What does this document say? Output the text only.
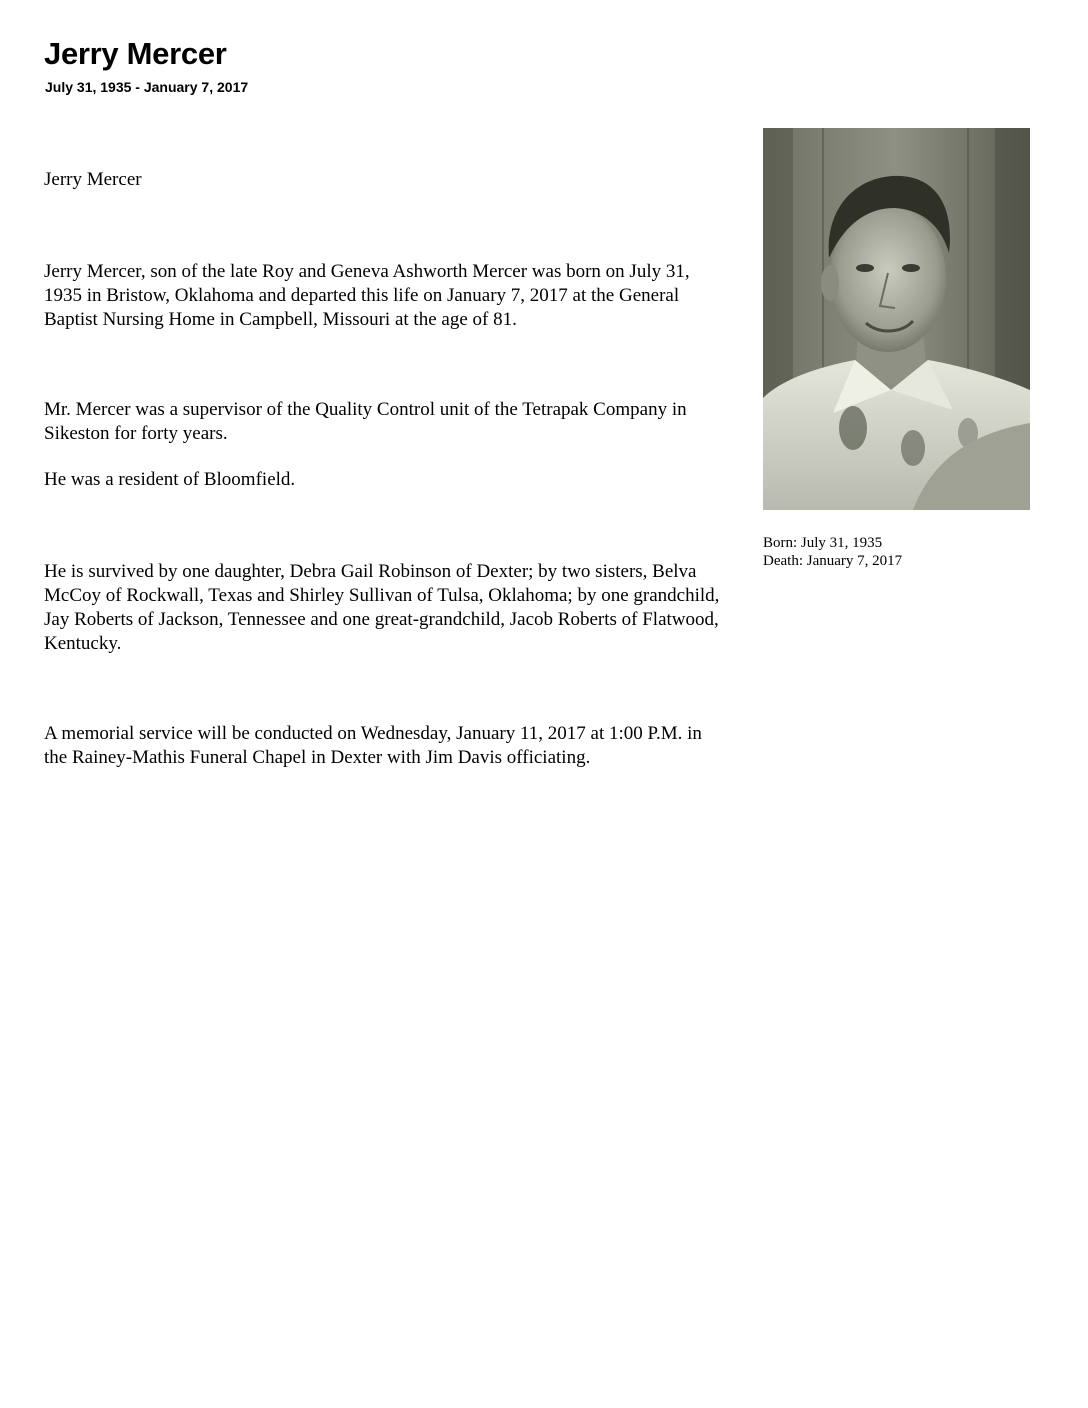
Jerry Mercer

July 31, 1935 - January 7, 2017

Jerry Mercer

Jerry Mercer, son of the late Roy and Geneva Ashworth Mercer was born on July 31, 1935 in Bristow, Oklahoma and departed this life on January 7, 2017 at the General Baptist Nursing Home in Campbell, Missouri at the age of 81.

Mr. Mercer was a supervisor of the Quality Control unit of the Tetrapak Company in Sikeston for forty years.

He was a resident of Bloomfield.

He is survived by one daughter, Debra Gail Robinson of Dexter; by two sisters, Belva McCoy of Rockwall, Texas and Shirley Sullivan of Tulsa, Oklahoma; by one grandchild, Jay Roberts of Jackson, Tennessee and one great-grandchild, Jacob Roberts of Flatwood, Kentucky.

A memorial service will be conducted on Wednesday, January 11, 2017 at 1:00 P.M. in the Rainey-Mathis Funeral Chapel in Dexter with Jim Davis officiating.

Born: July 31, 1935

Death: January 7, 2017
